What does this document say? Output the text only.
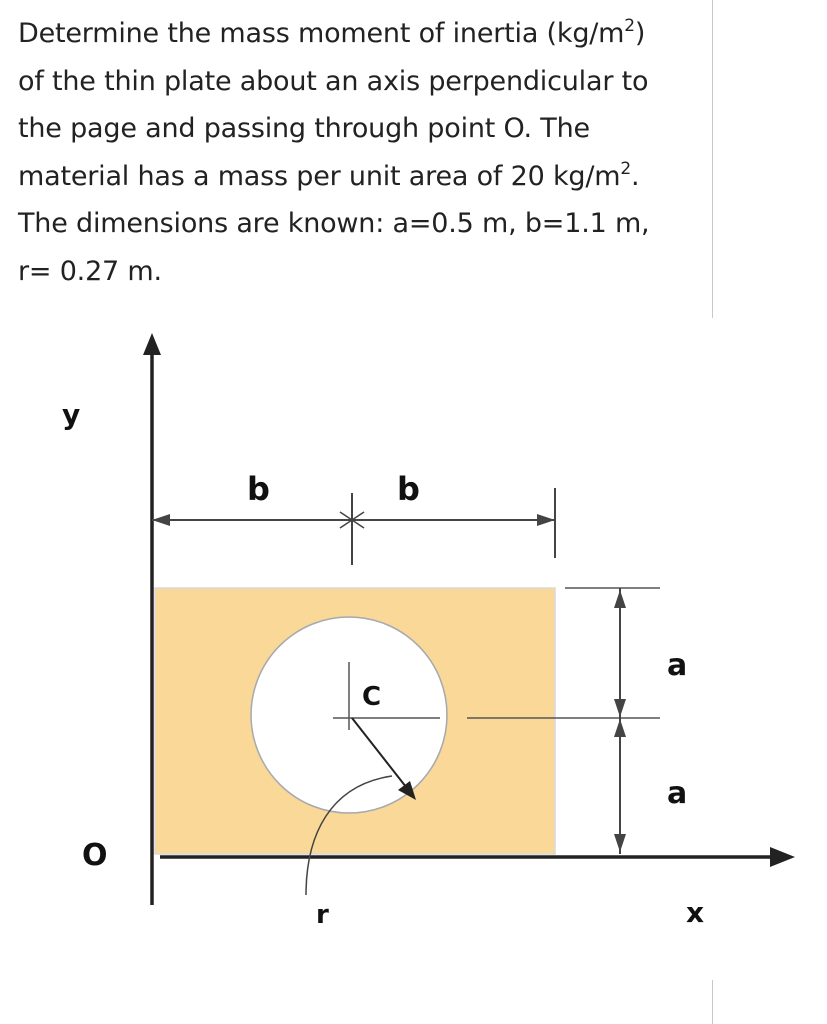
Determine the mass moment of inertia $(kg/m^2)$
of the thin plate about an axis perpendicular to
the page and passing through point O. The
material has a mass per unit area of 20 $kg/m^2$.
The dimensions are known: a=0.5 m, b=1.1 m,
r= 0.27 m.
y
x
O
b	b
a
a
C
r
